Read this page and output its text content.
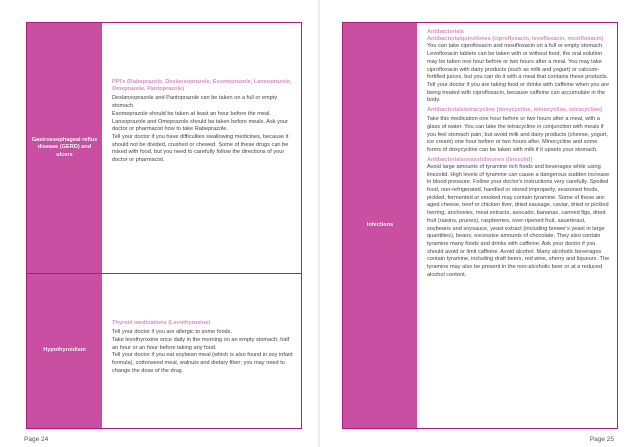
Gastroesophageal reflux disease (GERD) and ulcers
PPI's (Rabeprazole, Dexlansoprazole, Esomeprazole, Lansoprazole, Omeprazole, Pantoprazole)

Dexlansoprazole and Pantoprazole can be taken on a full or empty stomach.

Esomeprazole should be taken at least an hour before the meal. Lansoprazole and Omeprazole should be taken before meals. Ask your doctor or pharmacist how to take Rabeprazole.

Tell your doctor if you have difficulties swallowing medicines, because it should not be divided, crushed or chewed. Some of these drugs can be mixed with food, but you need to carefully follow the directions of your doctor or pharmacist.

Hypothyroidism
Thyroid medications (Levothyroxine)

Tell your doctor if you are allergic to some foods.

Take levothyroxine once daily in the morning on an empty stomach, half an hour or an hour before taking any food.

Tell your doctor if you eat soybean meal (which is also found in soy infant formula), cottonseed meal, walnuts and dietary fiber; you may need to change the dose of the drug.

Page 24
Infections
Antibacterials
Antibacterialquinolones (ciprofloxacin, levofloxacin, moxifloxacin)

You can take ciprofloxacin and moxifloxacin on a full or empty stomach. Levofloxacin tablets can be taken with or without food, the oral solution may be taken one hour before or two hours after a meal. You may take ciprofloxacin with dairy products (such as milk and yogurt) or calcium-fortified juices, but you can do it with a meal that contains these products. Tell your doctor if you are taking food or drinks with caffeine when you are being treated with ciprofloxacin, because caffeine can accumulate in the body.

Antibacterialstetracycline (doxycycline, minocycline, tetracycline)

Take this medication one hour before or two hours after a meal, with a glass of water. You can take the tetracycline in conjunction with meals if you feel stomach pain, but avoid milk and dairy products (cheese, yogurt, ice cream) one hour before or two hours after. Minocycline and some forms of doxycycline can be taken with milk if it upsets your stomach.

Antibacterialsoxazolidinones (linezolid)

Avoid large amounts of tyramine rich foods and beverages while using linezolid. High levels of tyramine can cause a dangerous sudden increase in blood pressure. Follow your doctor's instructions very carefully. Spoiled food, non-refrigerated, handled or stored improperly, seasoned foods, pickled, fermented or smoked may contain tyramine. Some of these are: aged cheese, beef or chicken liver, dried sausage, caviar, dried or pickled herring, anchovies, meat extracts, avocado, bananas, canned figs, dried fruit (raisins, prunes), raspberries, over-ripened fruit, sauerkraut, soybeans and soysauce, yeast extract (including brewer's yeast in large quantities), beans, excessive amounts of chocolate. They also contain tyramine many foods and drinks with caffeine. Ask your doctor if you should avoid or limit caffeine. Avoid alcohol. Many alcoholic beverages contain tyramine, including draft beers, red wine, sherry and liqueurs. The tyramine may also be present in the non-alcoholic beer or at a reduced alcohol content.

Page 25
